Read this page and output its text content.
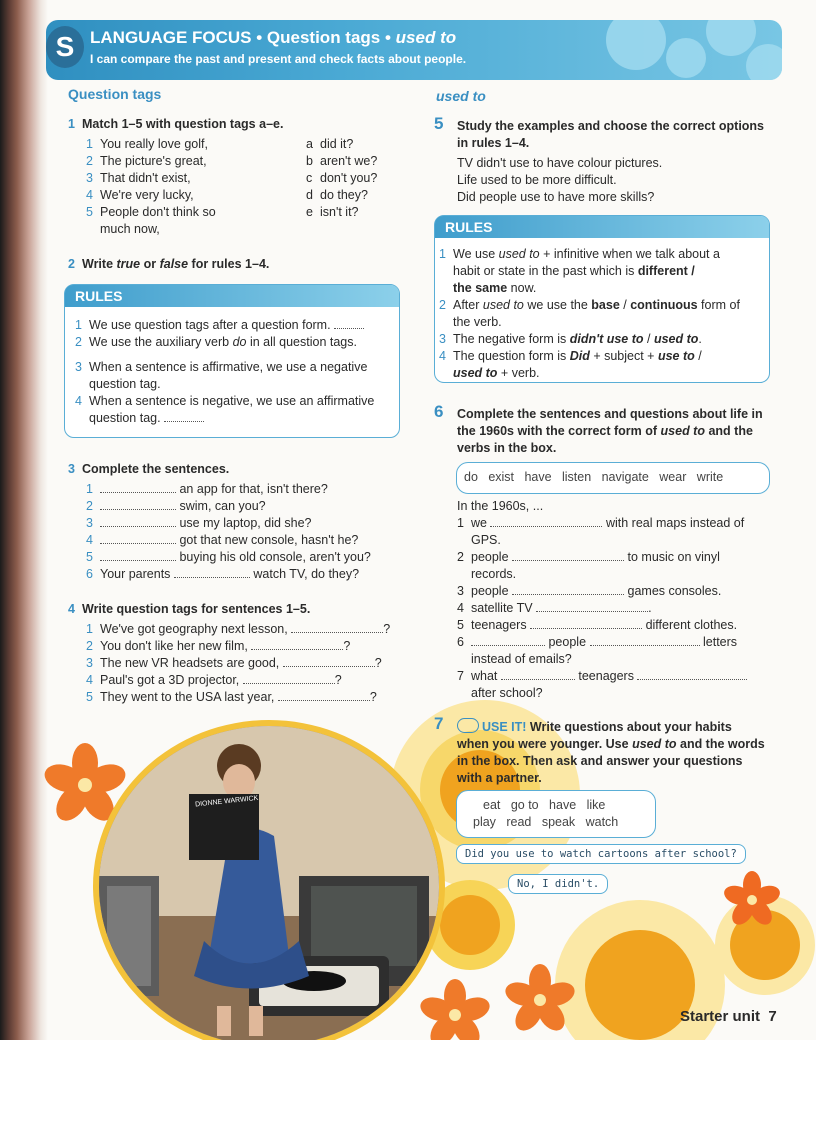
S LANGUAGE FOCUS • Question tags • used to
I can compare the past and present and check facts about people.
Question tags
1 Match 1–5 with question tags a–e.
1 You really love golf,
2 The picture's great,
3 That didn't exist,
4 We're very lucky,
5 People don't think so
much now,
a did it?
b aren't we?
c don't you?
d do they?
e isn't it?
2 Write true or false for rules 1–4.
RULES
1 We use question tags after a question form.
2 We use the auxiliary verb do in all question tags.
3 When a sentence is affirmative, we use a negative
question tag.
4 When a sentence is negative, we use an affirmative
question tag.
3 Complete the sentences.
1	an app for that, isn't there?
2	swim, can you?
3	use my laptop, did she?
4	got that new console, hasn't he?
5	buying his old console, aren't you?
6 Your parents	watch TV, do they?
4 Write question tags for sentences 1–5.
1 We've got geography next lesson,	?
2 You don't like her new film,	?
3 The new VR headsets are good,	?
4 Paul's got a 3D projector,	?
5 They went to the USA last year,	?
DIONNE WARWICK
used to
5 Study the examples and choose the correct options
in rules 1–4.
TV didn't use to have colour pictures.
Life used to be more difficult.
Did people use to have more skills?
RULES
1 We use used to + infinitive when we talk about a
habit or state in the past which is different /
the same now.
2 After used to we use the base / continuous form of
the verb.
3 The negative form is didn't use to / used to.
4 The question form is Did + subject + use to /
used to + verb.
6 Complete the sentences and questions about life in
the 1960s with the correct form of used to and the
verbs in the box.
do exist have listen navigate wear write
In the 1960s, ...
1 we	with real maps instead of
GPS.
2 people	to music on vinyl
records.
3 people	games consoles.
4 satellite TV	.
5 teenagers	different clothes.
6	people	letters
instead of emails?
7 what	teenagers
after school?
7	USE IT! Write questions about your habits
when you were younger. Use used to and the words
in the box. Then ask and answer your questions
with a partner.
eat go to have like
play read speak watch
Did you use to watch cartoons after school?
No, I didn't.
Starter unit 7
